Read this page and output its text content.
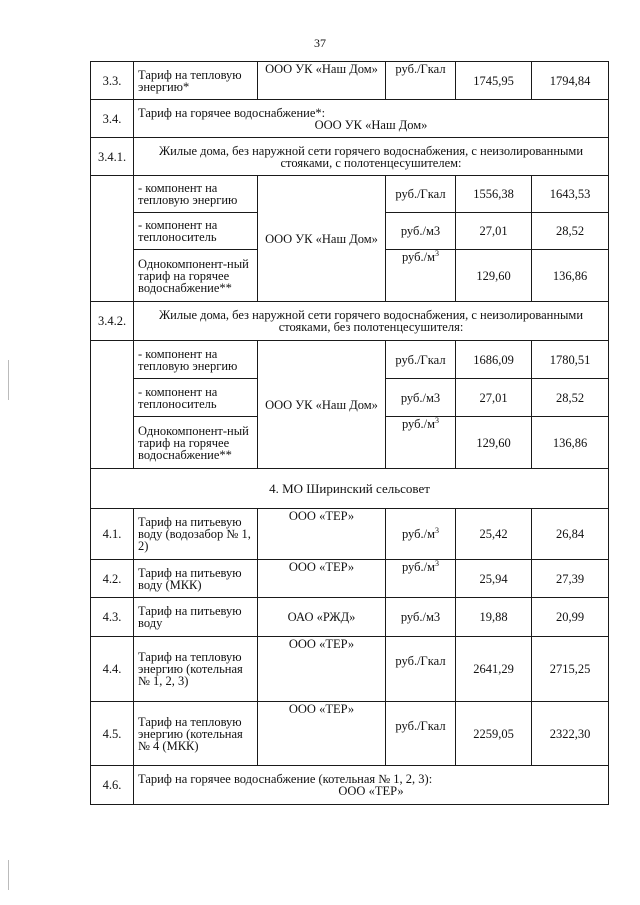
37
3.3.	Тариф на тепловую энергию*	ООО УК «Наш Дом»	руб./Гкал	1745,95	1794,84
3.4.	Тариф на горячее водоснабжение*:
ООО УК «Наш Дом»				

3.4.1.	Жилые дома, без наружной сети горячего водоснабжения, с неизолированными стояками, с полотенцесушителем:				
	- компонент на тепловую энергию	ООО УК «Наш Дом»	руб./Гкал	1556,38	1643,53
	- компонент на теплоноситель		руб./м3	27,01	28,52
	Однокомпонент-ный тариф на горячее водоснабжение**		$руб./м^3$	129,60	136,86
3.4.2.	Жилые дома, без наружной сети горячего водоснабжения, с неизолированными стояками, без полотенцесушителя:				
	- компонент на тепловую энергию	ООО УК «Наш Дом»	руб./Гкал	1686,09	1780,51
	- компонент на теплоноситель		руб./м3	27,01	28,52
	Однокомпонент-ный тариф на горячее водоснабжение**		$руб./м^3$	129,60	136,86
4. МО Ширинский сельсовет					
4.1.	Тариф на питьевую воду (водозабор № 1, 2)	ООО «ТЕР»	$руб./м^3$	25,42	26,84
4.2.	Тариф на питьевую воду (МКК)	ООО «ТЕР»	$руб./м^3$	25,94	27,39
4.3.	Тариф на питьевую воду	ОАО «РЖД»	руб./м3	19,88	20,99
4.4.	Тариф на тепловую энергию (котельная № 1, 2, 3)	ООО «ТЕР»	руб./Гкал	2641,29	2715,25
4.5.	Тариф на тепловую энергию (котельная № 4 (МКК)	ООО «ТЕР»	руб./Гкал	2259,05	2322,30
4.6.	Тариф на горячее водоснабжение (котельная № 1, 2, 3):
ООО «ТЕР»				
